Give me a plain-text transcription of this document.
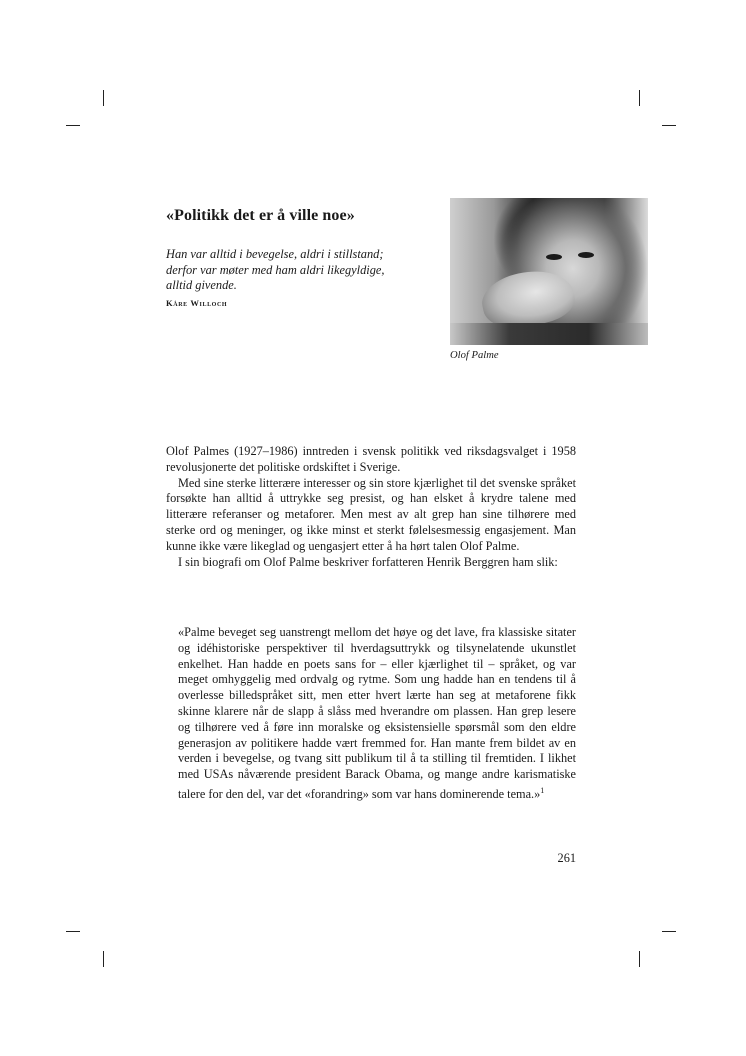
«Politikk det er å ville noe»
Han var alltid i bevegelse, aldri i stillstand;
derfor var møter med ham aldri likegyldige,
alltid givende.
Kåre Willoch
Olof Palme

Olof Palmes (1927–1986) inntreden i svensk politikk ved riksdagsvalget i 1958 revolusjonerte det politiske ordskiftet i Sverige.

Med sine sterke litterære interesser og sin store kjærlighet til det svenske språket forsøkte han alltid å uttrykke seg presist, og han elsket å krydre talene med litterære referanser og metaforer. Men mest av alt grep han sine tilhørere med sterke ord og meninger, og ikke minst et sterkt følelsesmessig engasjement. Man kunne ikke være likeglad og uengasjert etter å ha hørt talen Olof Palme.

I sin biografi om Olof Palme beskriver forfatteren Henrik Berggren ham slik:

«Palme beveget seg uanstrengt mellom det høye og det lave, fra klassiske sitater og idéhistoriske perspektiver til hverdagsuttrykk og tilsynelatende ukunstlet enkelhet. Han hadde en poets sans for – eller kjærlighet til – språket, og var meget omhyggelig med ordvalg og rytme. Som ung hadde han en tendens til å overlesse billedspråket sitt, men etter hvert lærte han seg at metaforene fikk skinne klarere når de slapp å slåss med hverandre om plassen. Han grep lesere og tilhørere ved å føre inn moralske og eksistensielle spørsmål som den eldre generasjon av politikere hadde vært fremmed for. Han mante frem bildet av en verden i bevegelse, og tvang sitt publikum til å ta stilling til fremtiden. I likhet med USAs nåværende president Barack Obama, og mange andre karismatiske talere for den del, var det «forandring» som var hans dominerende tema.»$^1$
261
